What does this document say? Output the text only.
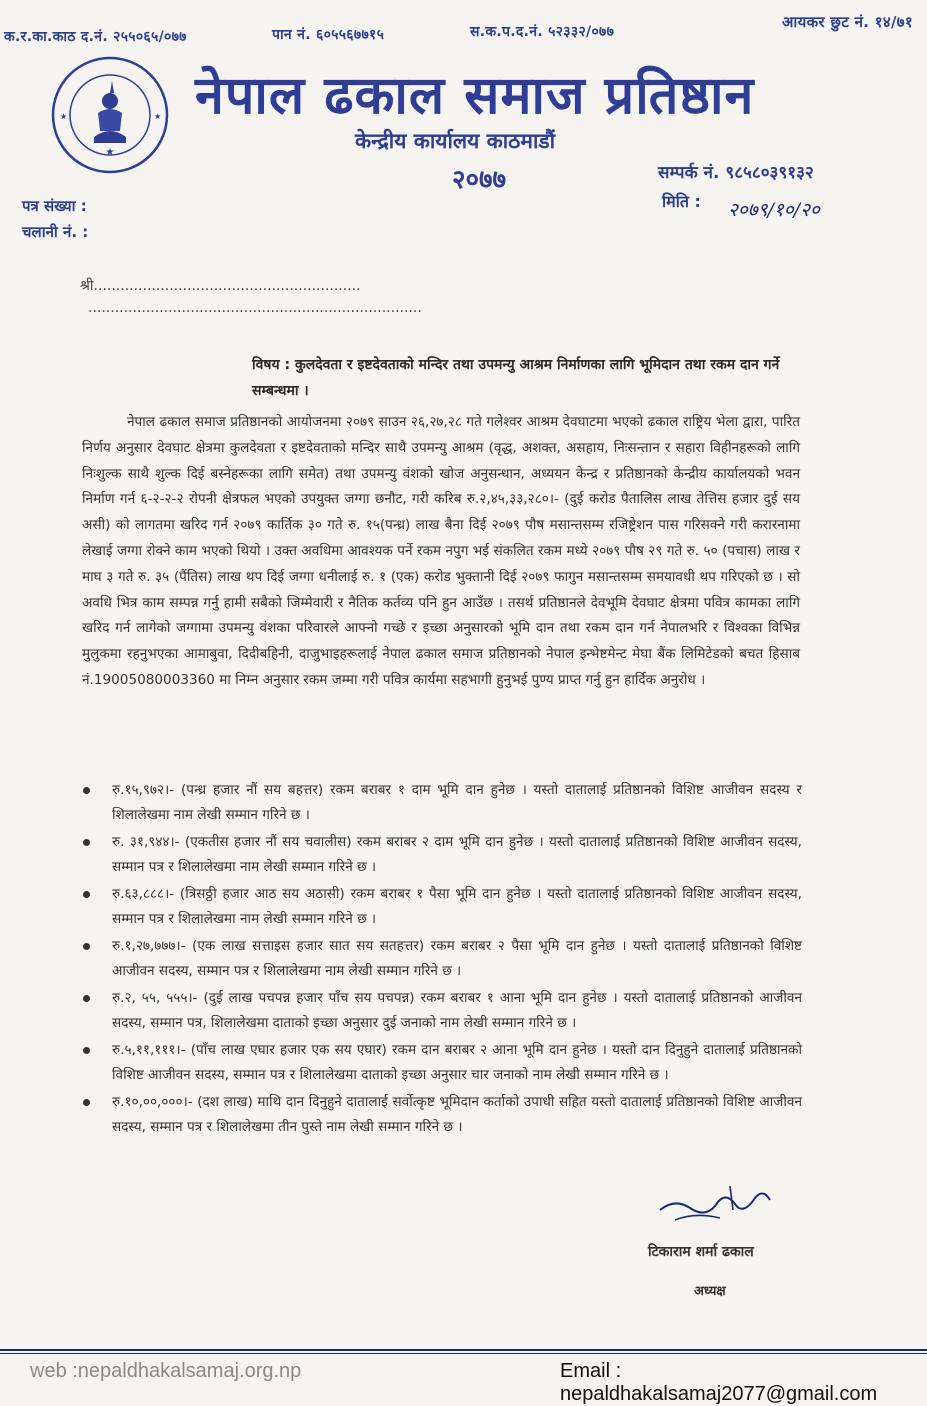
क.र.का.काठ द.नं. २५५०६५/०७७	पान नं. ६०५५६७७१५	स.क.प.द.नं. ५२३३२/०७७
आयकर छुट नं. १४/७१
★
★	★ नेपाल ढकाल समाज प्रतिष्ठान
केन्द्रीय कार्यालय काठमाडौं
२०७७	सम्पर्क नं. ९८५८०३९१३२
मिति : २०७९/१०/२०
पत्र संख्या :
चलानी नं. :
श्री............................................................
...........................................................................
विषय : कुलदेवता र इष्टदेवताको मन्दिर तथा उपमन्यु आश्रम निर्माणका लागि भूमिदान तथा रकम दान गर्ने सम्बन्धमा ।
नेपाल ढकाल समाज प्रतिष्ठानको आयोजनमा २०७९ साउन २६,२७,२८ गते गलेश्वर आश्रम देवघाटमा भएको ढकाल राष्ट्रिय भेला द्वारा, पारित निर्णय अनुसार देवघाट क्षेत्रमा कुलदेवता र इष्टदेवताको मन्दिर साथै उपमन्यु आश्रम (वृद्ध, अशक्त, असहाय, निःसन्तान र सहारा विहीनहरूको लागि निःशुल्क साथै शुल्क दिई बस्नेहरूका लागि समेत) तथा उपमन्यु वंशको खोज अनुसन्धान, अध्ययन केन्द्र र प्रतिष्ठानको केन्द्रीय कार्यालयको भवन निर्माण गर्न ६-२-२-२ रोपनी क्षेत्रफल भएको उपयुक्त जग्गा छनौट, गरी करिब रु.२,४५,३३,२८०।- (दुई करोड पैतालिस लाख तेत्तिस हजार दुई सय असी) को लागतमा खरिद गर्न २०७९ कार्तिक ३० गते रु. १५(पन्ध्र) लाख बैना दिई २०७९ पौष मसान्तसम्म रजिष्ट्रेशन पास गरिसक्ने गरी करारनामा लेखाई जग्गा रोक्ने काम भएको थियो । उक्त अवधिमा आवश्यक पर्ने रकम नपुग भई संकलित रकम मध्ये २०७९ पौष २९ गते रु. ५० (पचास) लाख र माघ ३ गते रु. ३५ (पैंतिस) लाख थप दिई जग्गा धनीलाई रु. १ (एक) करोड भुक्तानी दिई २०७९ फागुन मसान्तसम्म समयावधी थप गरिएको छ । सो अवधि भित्र काम सम्पन्न गर्नु हामी सबैको जिम्मेवारी र नैतिक कर्तव्य पनि हुन आउँछ । तसर्थ प्रतिष्ठानले देवभूमि देवघाट क्षेत्रमा पवित्र कामका लागि खरिद गर्न लागेको जग्गामा उपमन्यु वंशका परिवारले आफ्नो गच्छे र इच्छा अनुसारको भूमि दान तथा रकम दान गर्न नेपालभरि र विश्वका विभिन्न मुलुकमा रहनुभएका आमाबुवा, दिदीबहिनी, दाजुभाइहरूलाई नेपाल ढकाल समाज प्रतिष्ठानको नेपाल इन्भेष्टमेन्ट मेघा बैंक लिमिटेडको बचत हिसाब नं.19005080003360 मा निम्न अनुसार रकम जम्मा गरी पवित्र कार्यमा सहभागी हुनुभई पुण्य प्राप्त गर्नु हुन हार्दिक अनुरोध ।
रु.१५,९७२।- (पन्ध्र हजार नौं सय बहत्तर) रकम बराबर १ दाम भूमि दान हुनेछ । यस्तो दातालाई प्रतिष्ठानको विशिष्ट आजीवन सदस्य र शिलालेखमा नाम लेखी सम्मान गरिने छ ।
रु. ३१,९४४।- (एकतीस हजार नौं सय चवालीस) रकम बराबर २ दाम भूमि दान हुनेछ । यस्तो दातालाई प्रतिष्ठानको विशिष्ट आजीवन सदस्य, सम्मान पत्र र शिलालेखमा नाम लेखी सम्मान गरिने छ ।
रु.६३,८८८।- (त्रिसठ्ठी हजार आठ सय अठासी) रकम बराबर १ पैसा भूमि दान हुनेछ । यस्तो दातालाई प्रतिष्ठानको विशिष्ट आजीवन सदस्य, सम्मान पत्र र शिलालेखमा नाम लेखी सम्मान गरिने छ ।
रु.१,२७,७७७।- (एक लाख सत्ताइस हजार सात सय सतहत्तर) रकम बराबर २ पैसा भूमि दान हुनेछ । यस्तो दातालाई प्रतिष्ठानको विशिष्ट आजीवन सदस्य, सम्मान पत्र र शिलालेखमा नाम लेखी सम्मान गरिने छ ।
रु.२, ५५, ५५५।- (दुई लाख पचपन्न हजार पाँच सय पचपन्न) रकम बराबर १ आना भूमि दान हुनेछ । यस्तो दातालाई प्रतिष्ठानको आजीवन सदस्य, सम्मान पत्र, शिलालेखमा दाताको इच्छा अनुसार दुई जनाको नाम लेखी सम्मान गरिने छ ।
रु.५,११,१११।- (पाँच लाख एघार हजार एक सय एघार) रकम दान बराबर २ आना भूमि दान हुनेछ । यस्तो दान दिनुहुने दातालाई प्रतिष्ठानको विशिष्ट आजीवन सदस्य, सम्मान पत्र र शिलालेखमा दाताको इच्छा अनुसार चार जनाको नाम लेखी सम्मान गरिने छ ।
रु.१०,००,०००।- (दश लाख) माथि दान दिनुहुने दातालाई सर्वोत्कृष्ट भूमिदान कर्ताको उपाधी सहित यस्तो दातालाई प्रतिष्ठानको विशिष्ट आजीवन सदस्य, सम्मान पत्र र शिलालेखमा तीन पुस्ते नाम लेखी सम्मान गरिने छ ।
टिकाराम शर्मा ढकाल
अध्यक्ष
web :nepaldhakalsamaj.org.np	Email : nepaldhakalsamaj2077@gmail.com
